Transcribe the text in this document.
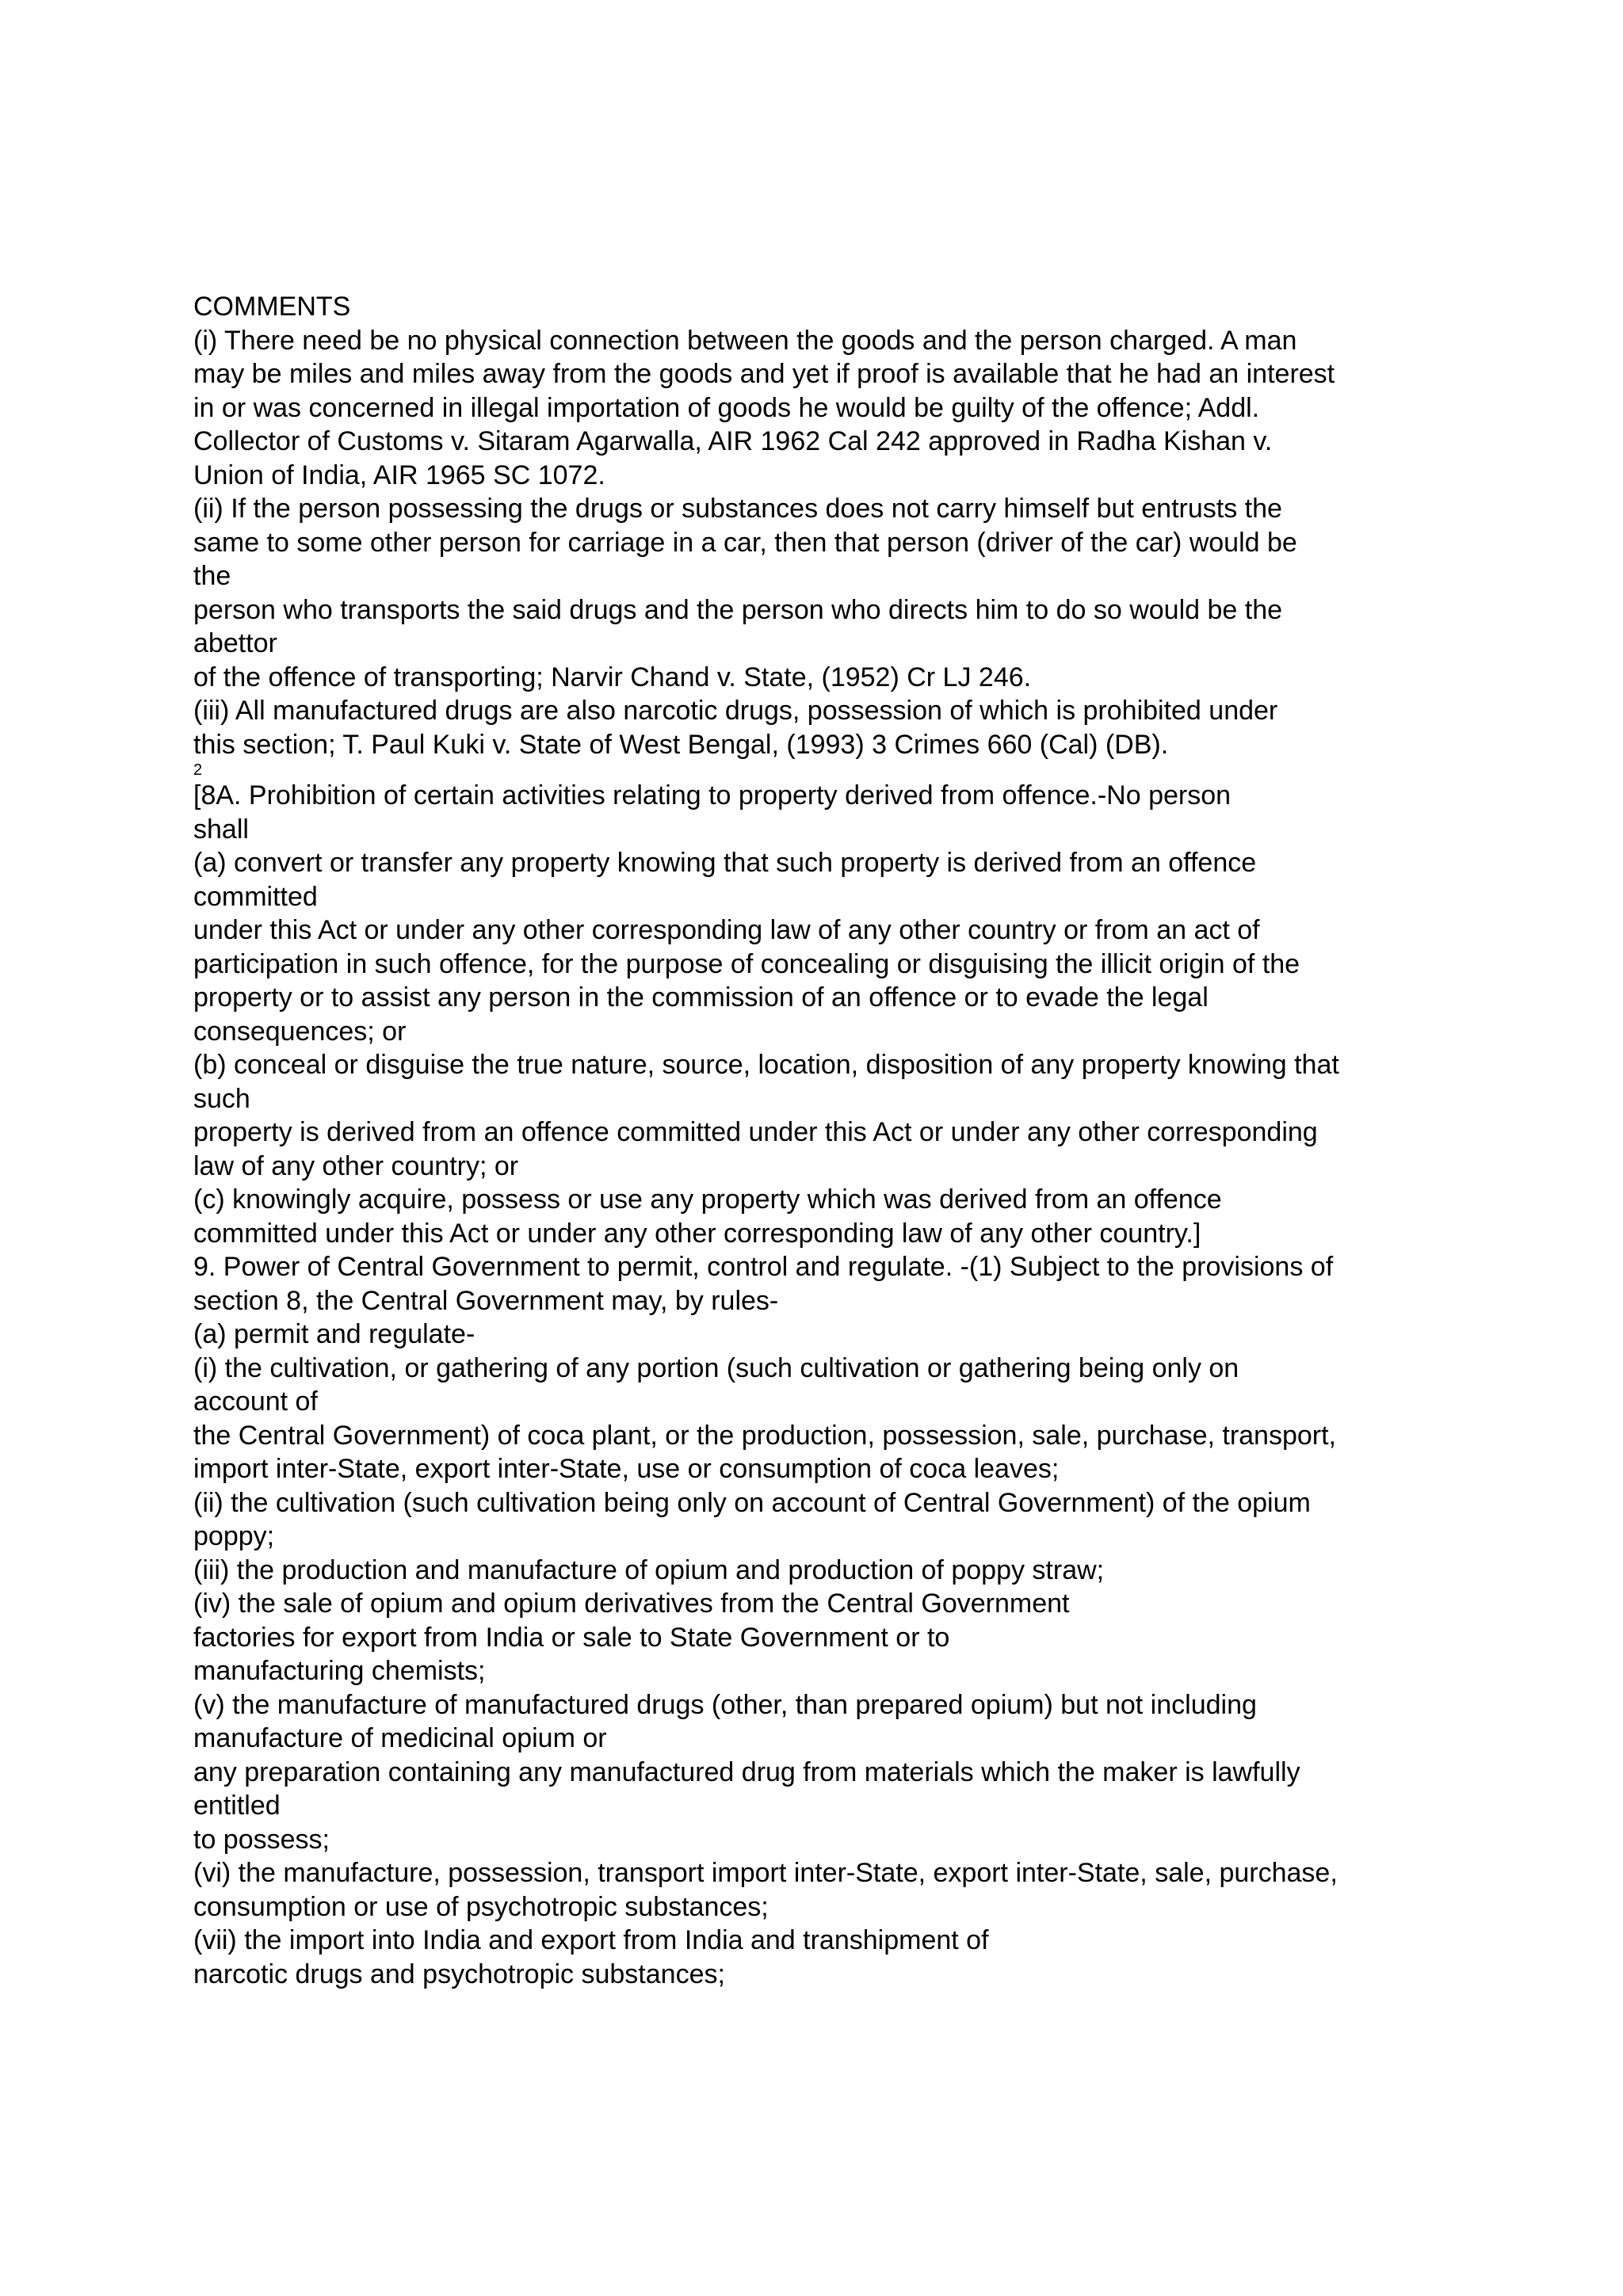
COMMENTS
(i) There need be no physical connection between the goods and the person charged. A man
may be miles and miles away from the goods and yet if proof is available that he had an interest
in or was concerned in illegal importation of goods he would be guilty of the offence; Addl.
Collector of Customs v. Sitaram Agarwalla, AIR 1962 Cal 242 approved in Radha Kishan v.
Union of India, AIR 1965 SC 1072.
(ii) If the person possessing the drugs or substances does not carry himself but entrusts the
same to some other person for carriage in a car, then that person (driver of the car) would be
the
person who transports the said drugs and the person who directs him to do so would be the
abettor
of the offence of transporting; Narvir Chand v. State, (1952) Cr LJ 246.
(iii) All manufactured drugs are also narcotic drugs, possession of which is prohibited under
this section; T. Paul Kuki v. State of West Bengal, (1993) 3 Crimes 660 (Cal) (DB).
2
[8A. Prohibition of certain activities relating to property derived from offence.-No person
shall
(a) convert or transfer any property knowing that such property is derived from an offence
committed
under this Act or under any other corresponding law of any other country or from an act of
participation in such offence, for the purpose of concealing or disguising the illicit origin of the
property or to assist any person in the commission of an offence or to evade the legal
consequences; or
(b) conceal or disguise the true nature, source, location, disposition of any property knowing that
such
property is derived from an offence committed under this Act or under any other corresponding
law of any other country; or
(c) knowingly acquire, possess or use any property which was derived from an offence
committed under this Act or under any other corresponding law of any other country.]
9. Power of Central Government to permit, control and regulate. -(1) Subject to the provisions of
section 8, the Central Government may, by rules-
(a) permit and regulate-
(i) the cultivation, or gathering of any portion (such cultivation or gathering being only on
account of
the Central Government) of coca plant, or the production, possession, sale, purchase, transport,
import inter-State, export inter-State, use or consumption of coca leaves;
(ii) the cultivation (such cultivation being only on account of Central Government) of the opium
poppy;
(iii) the production and manufacture of opium and production of poppy straw;
(iv) the sale of opium and opium derivatives from the Central Government
factories for export from India or sale to State Government or to
manufacturing chemists;
(v) the manufacture of manufactured drugs (other, than prepared opium) but not including
manufacture of medicinal opium or
any preparation containing any manufactured drug from materials which the maker is lawfully
entitled
to possess;
(vi) the manufacture, possession, transport import inter-State, export inter-State, sale, purchase,
consumption or use of psychotropic substances;
(vii) the import into India and export from India and transhipment of
narcotic drugs and psychotropic substances;
